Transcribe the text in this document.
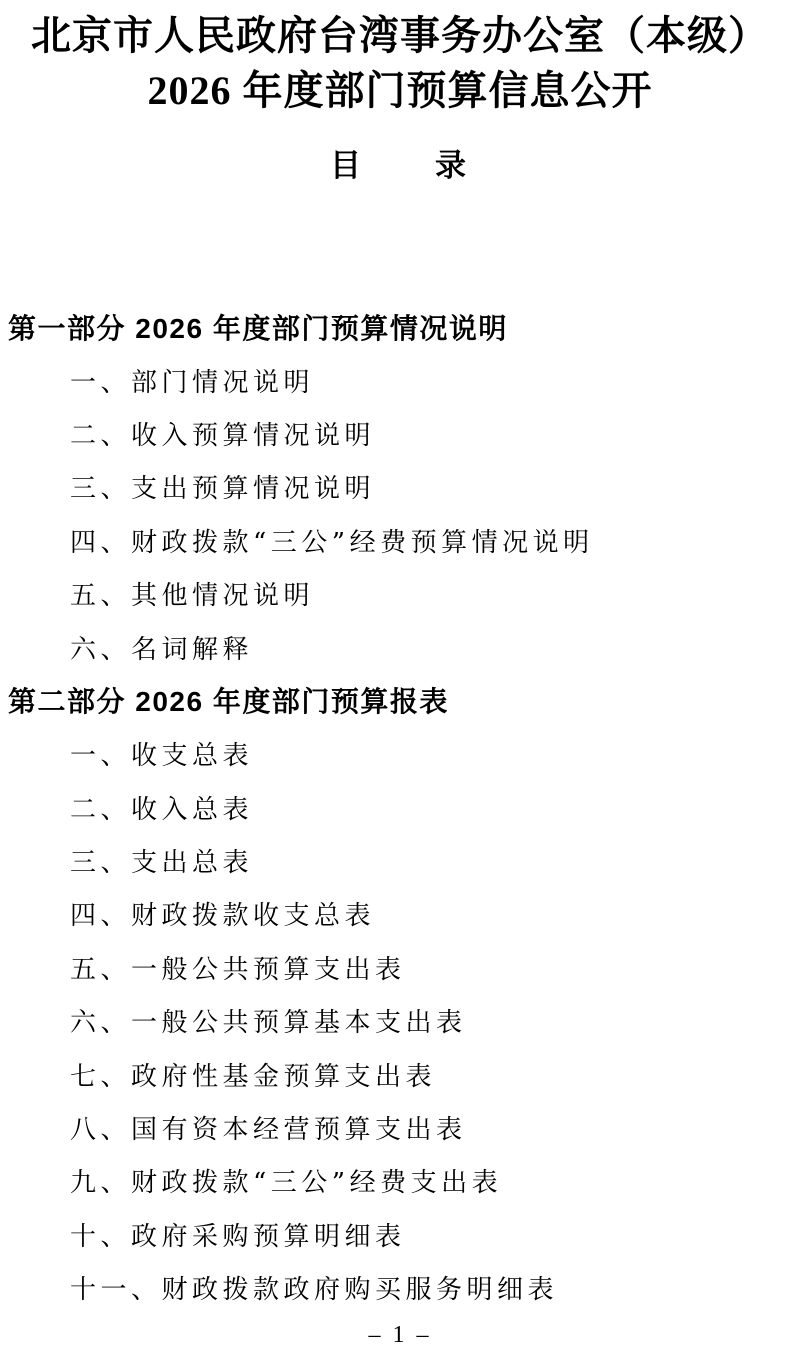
北京市人民政府台湾事务办公室（本级）
2026 年度部门预算信息公开
目　　录
第一部分 2026 年度部门预算情况说明
一、部门情况说明
二、收入预算情况说明
三、支出预算情况说明
四、财政拨款“三公”经费预算情况说明
五、其他情况说明
六、名词解释
第二部分 2026 年度部门预算报表
一、收支总表
二、收入总表
三、支出总表
四、财政拨款收支总表
五、一般公共预算支出表
六、一般公共预算基本支出表
七、政府性基金预算支出表
八、国有资本经营预算支出表
九、财政拨款“三公”经费支出表
十、政府采购预算明细表
十一、财政拨款政府购买服务明细表
– 1 –
